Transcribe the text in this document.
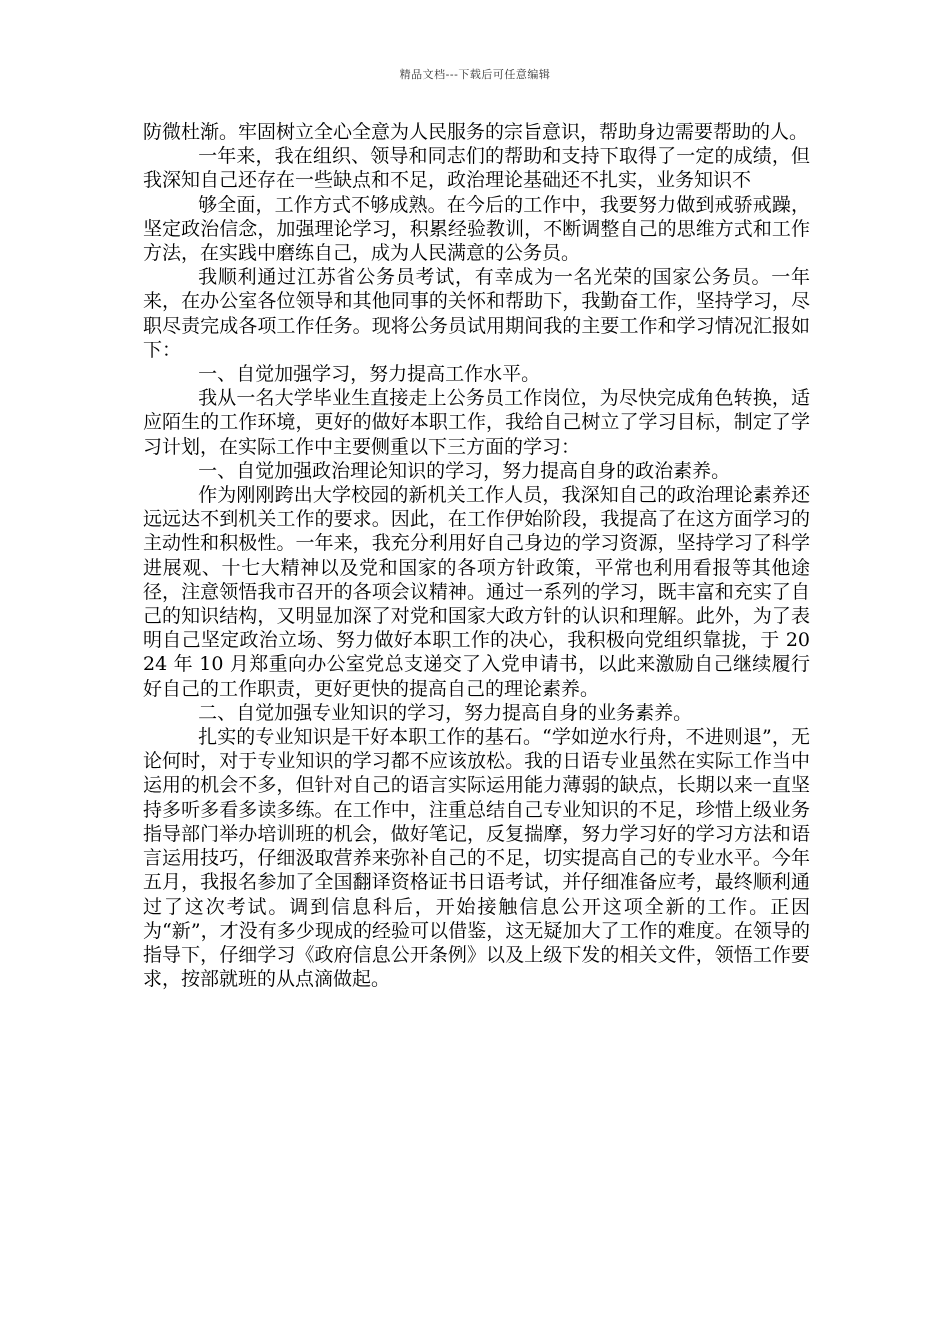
精品文档---下载后可任意编辑

防微杜渐。牢固树立全心全意为人民服务的宗旨意识，帮助身边需要帮助的人。

一年来，我在组织、领导和同志们的帮助和支持下取得了一定的成绩，但我深知自己还存在一些缺点和不足，政治理论基础还不扎实，业务知识不

够全面，工作方式不够成熟。在今后的工作中，我要努力做到戒骄戒躁，坚定政治信念，加强理论学习，积累经验教训，不断调整自己的思维方式和工作方法，在实践中磨练自己，成为人民满意的公务员。

我顺利通过江苏省公务员考试，有幸成为一名光荣的国家公务员。一年来，在办公室各位领导和其他同事的关怀和帮助下，我勤奋工作，坚持学习，尽职尽责完成各项工作任务。现将公务员试用期间我的主要工作和学习情况汇报如下：

一、自觉加强学习，努力提高工作水平。

我从一名大学毕业生直接走上公务员工作岗位，为尽快完成角色转换，适应陌生的工作环境，更好的做好本职工作，我给自己树立了学习目标，制定了学习计划，在实际工作中主要侧重以下三方面的学习：

一、自觉加强政治理论知识的学习，努力提高自身的政治素养。

作为刚刚跨出大学校园的新机关工作人员，我深知自己的政治理论素养还远远达不到机关工作的要求。因此，在工作伊始阶段，我提高了在这方面学习的主动性和积极性。一年来，我充分利用好自己身边的学习资源，坚持学习了科学进展观、十七大精神以及党和国家的各项方针政策，平常也利用看报等其他途径，注意领悟我市召开的各项会议精神。通过一系列的学习，既丰富和充实了自己的知识结构，又明显加深了对党和国家大政方针的认识和理解。此外，为了表明自己坚定政治立场、努力做好本职工作的决心，我积极向党组织靠拢，于 2024 年 10 月郑重向办公室党总支递交了入党申请书，以此来激励自己继续履行好自己的工作职责，更好更快的提高自己的理论素养。

二、自觉加强专业知识的学习，努力提高自身的业务素养。

扎实的专业知识是干好本职工作的基石。“学如逆水行舟，不进则退”，无论何时，对于专业知识的学习都不应该放松。我的日语专业虽然在实际工作当中运用的机会不多，但针对自己的语言实际运用能力薄弱的缺点，长期以来一直坚持多听多看多读多练。在工作中，注重总结自己专业知识的不足，珍惜上级业务指导部门举办培训班的机会，做好笔记，反复揣摩，努力学习好的学习方法和语言运用技巧，仔细汲取营养来弥补自己的不足，切实提高自己的专业水平。今年五月，我报名参加了全国翻译资格证书日语考试，并仔细准备应考，最终顺利通过了这次考试。调到信息科后，开始接触信息公开这项全新的工作。正因为“新”，才没有多少现成的经验可以借鉴，这无疑加大了工作的难度。在领导的指导下，仔细学习《政府信息公开条例》以及上级下发的相关文件，领悟工作要求，按部就班的从点滴做起。
